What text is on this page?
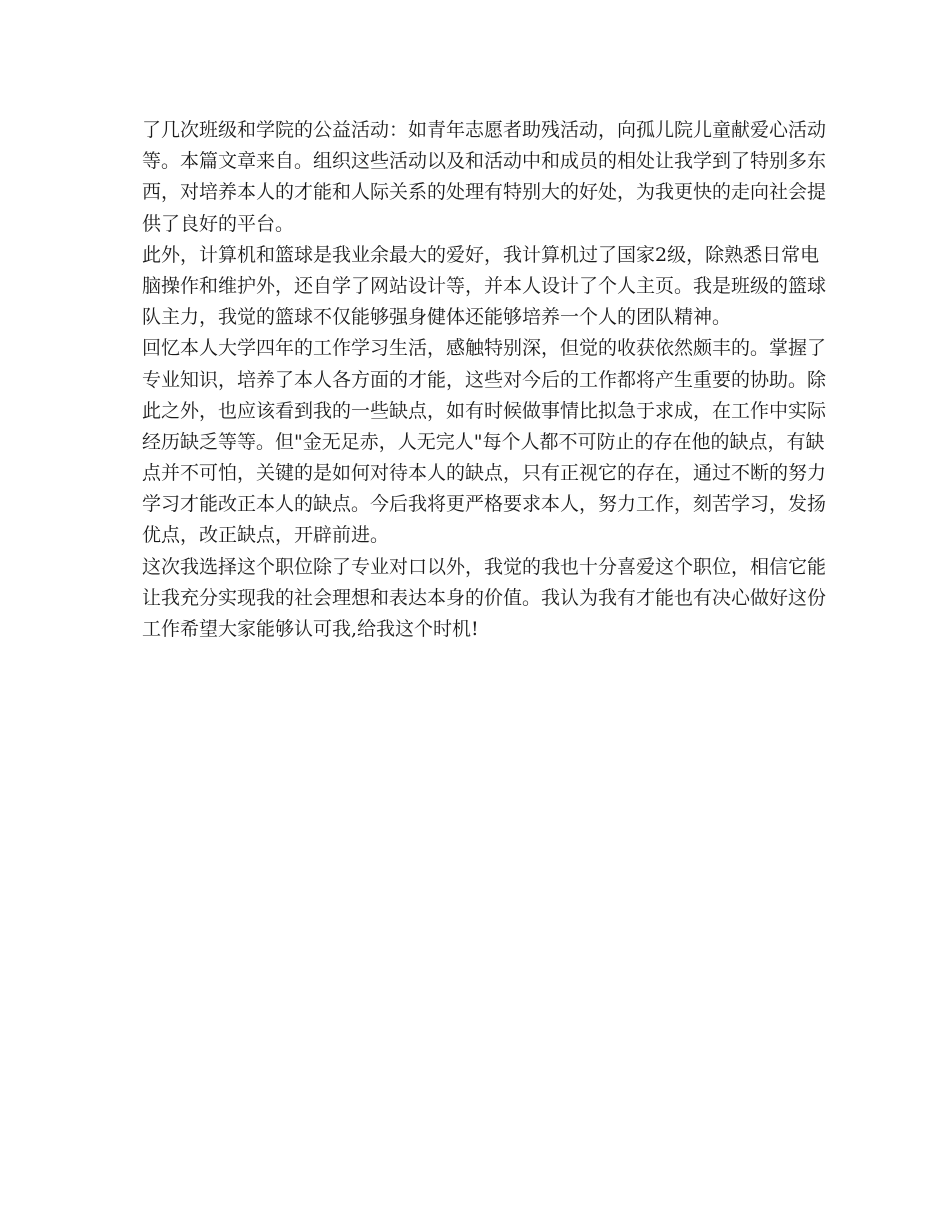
了几次班级和学院的公益活动：如青年志愿者助残活动，向孤儿院儿童献爱心活动
等。本篇文章来自。组织这些活动以及和活动中和成员的相处让我学到了特别多东
西，对培养本人的才能和人际关系的处理有特别大的好处，为我更快的走向社会提
供了良好的平台。
此外，计算机和篮球是我业余最大的爱好，我计算机过了国家2级，除熟悉日常电
脑操作和维护外，还自学了网站设计等，并本人设计了个人主页。我是班级的篮球
队主力，我觉的篮球不仅能够强身健体还能够培养一个人的团队精神。
回忆本人大学四年的工作学习生活，感触特别深，但觉的收获依然颇丰的。掌握了
专业知识，培养了本人各方面的才能，这些对今后的工作都将产生重要的协助。除
此之外，也应该看到我的一些缺点，如有时候做事情比拟急于求成，在工作中实际
经历缺乏等等。但"金无足赤，人无完人"每个人都不可防止的存在他的缺点，有缺
点并不可怕，关键的是如何对待本人的缺点，只有正视它的存在，通过不断的努力
学习才能改正本人的缺点。今后我将更严格要求本人，努力工作，刻苦学习，发扬
优点，改正缺点，开辟前进。
这次我选择这个职位除了专业对口以外，我觉的我也十分喜爱这个职位，相信它能
让我充分实现我的社会理想和表达本身的价值。我认为我有才能也有决心做好这份
工作希望大家能够认可我,给我这个时机!
